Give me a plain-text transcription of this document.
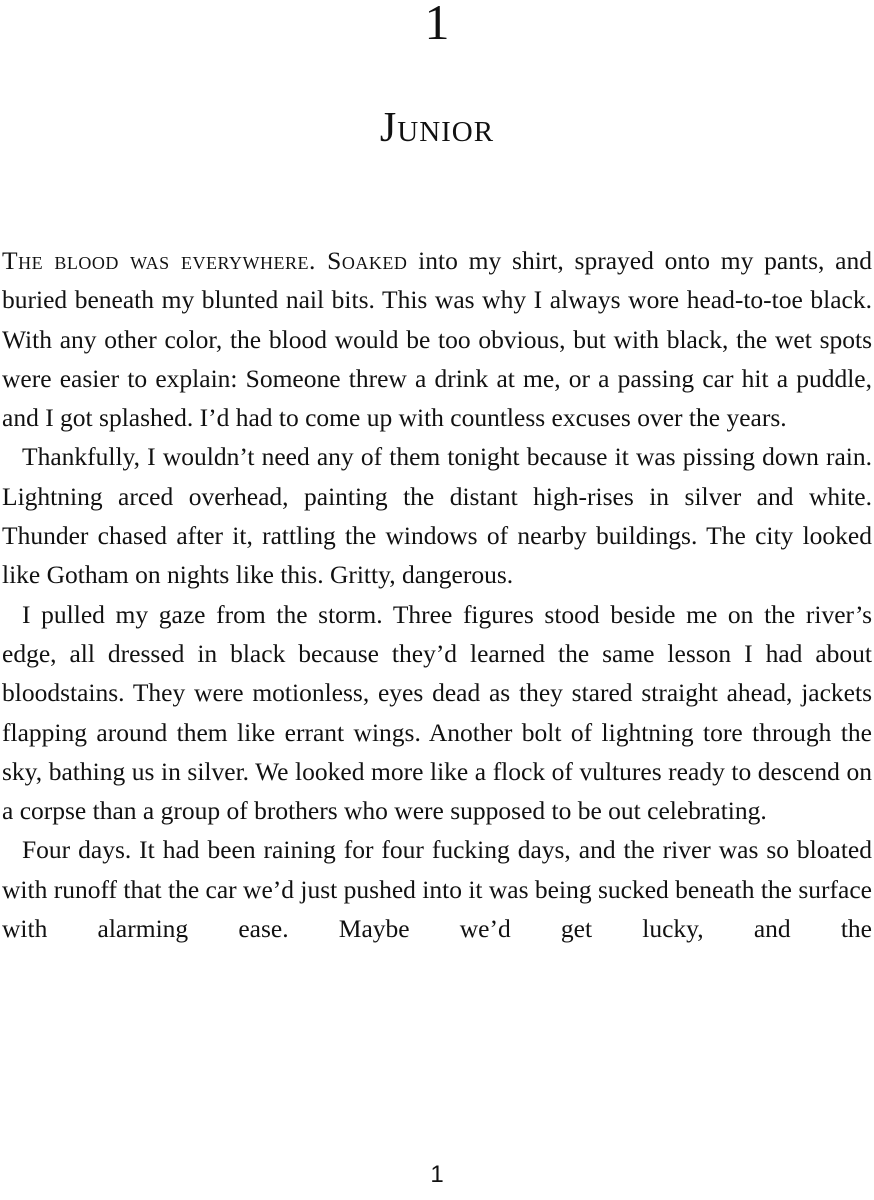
1
Junior

The blood was everywhere. Soaked into my shirt, sprayed onto my pants, and buried beneath my blunted nail bits. This was why I always wore head-to-toe black. With any other color, the blood would be too obvious, but with black, the wet spots were easier to explain: Someone threw a drink at me, or a passing car hit a puddle, and I got splashed. I’d had to come up with countless excuses over the years.

Thankfully, I wouldn’t need any of them tonight because it was pissing down rain. Lightning arced overhead, painting the distant high-rises in silver and white. Thunder chased after it, rattling the windows of nearby buildings. The city looked like Gotham on nights like this. Gritty, dangerous.

I pulled my gaze from the storm. Three figures stood beside me on the river’s edge, all dressed in black because they’d learned the same lesson I had about bloodstains. They were motionless, eyes dead as they stared straight ahead, jackets flapping around them like errant wings. Another bolt of lightning tore through the sky, bathing us in silver. We looked more like a flock of vultures ready to descend on a corpse than a group of brothers who were supposed to be out celebrating.

Four days. It had been raining for four fucking days, and the river was so bloated with runoff that the car we’d just pushed into it was being sucked beneath the surface with alarming ease. Maybe we’d get lucky, and the

1
